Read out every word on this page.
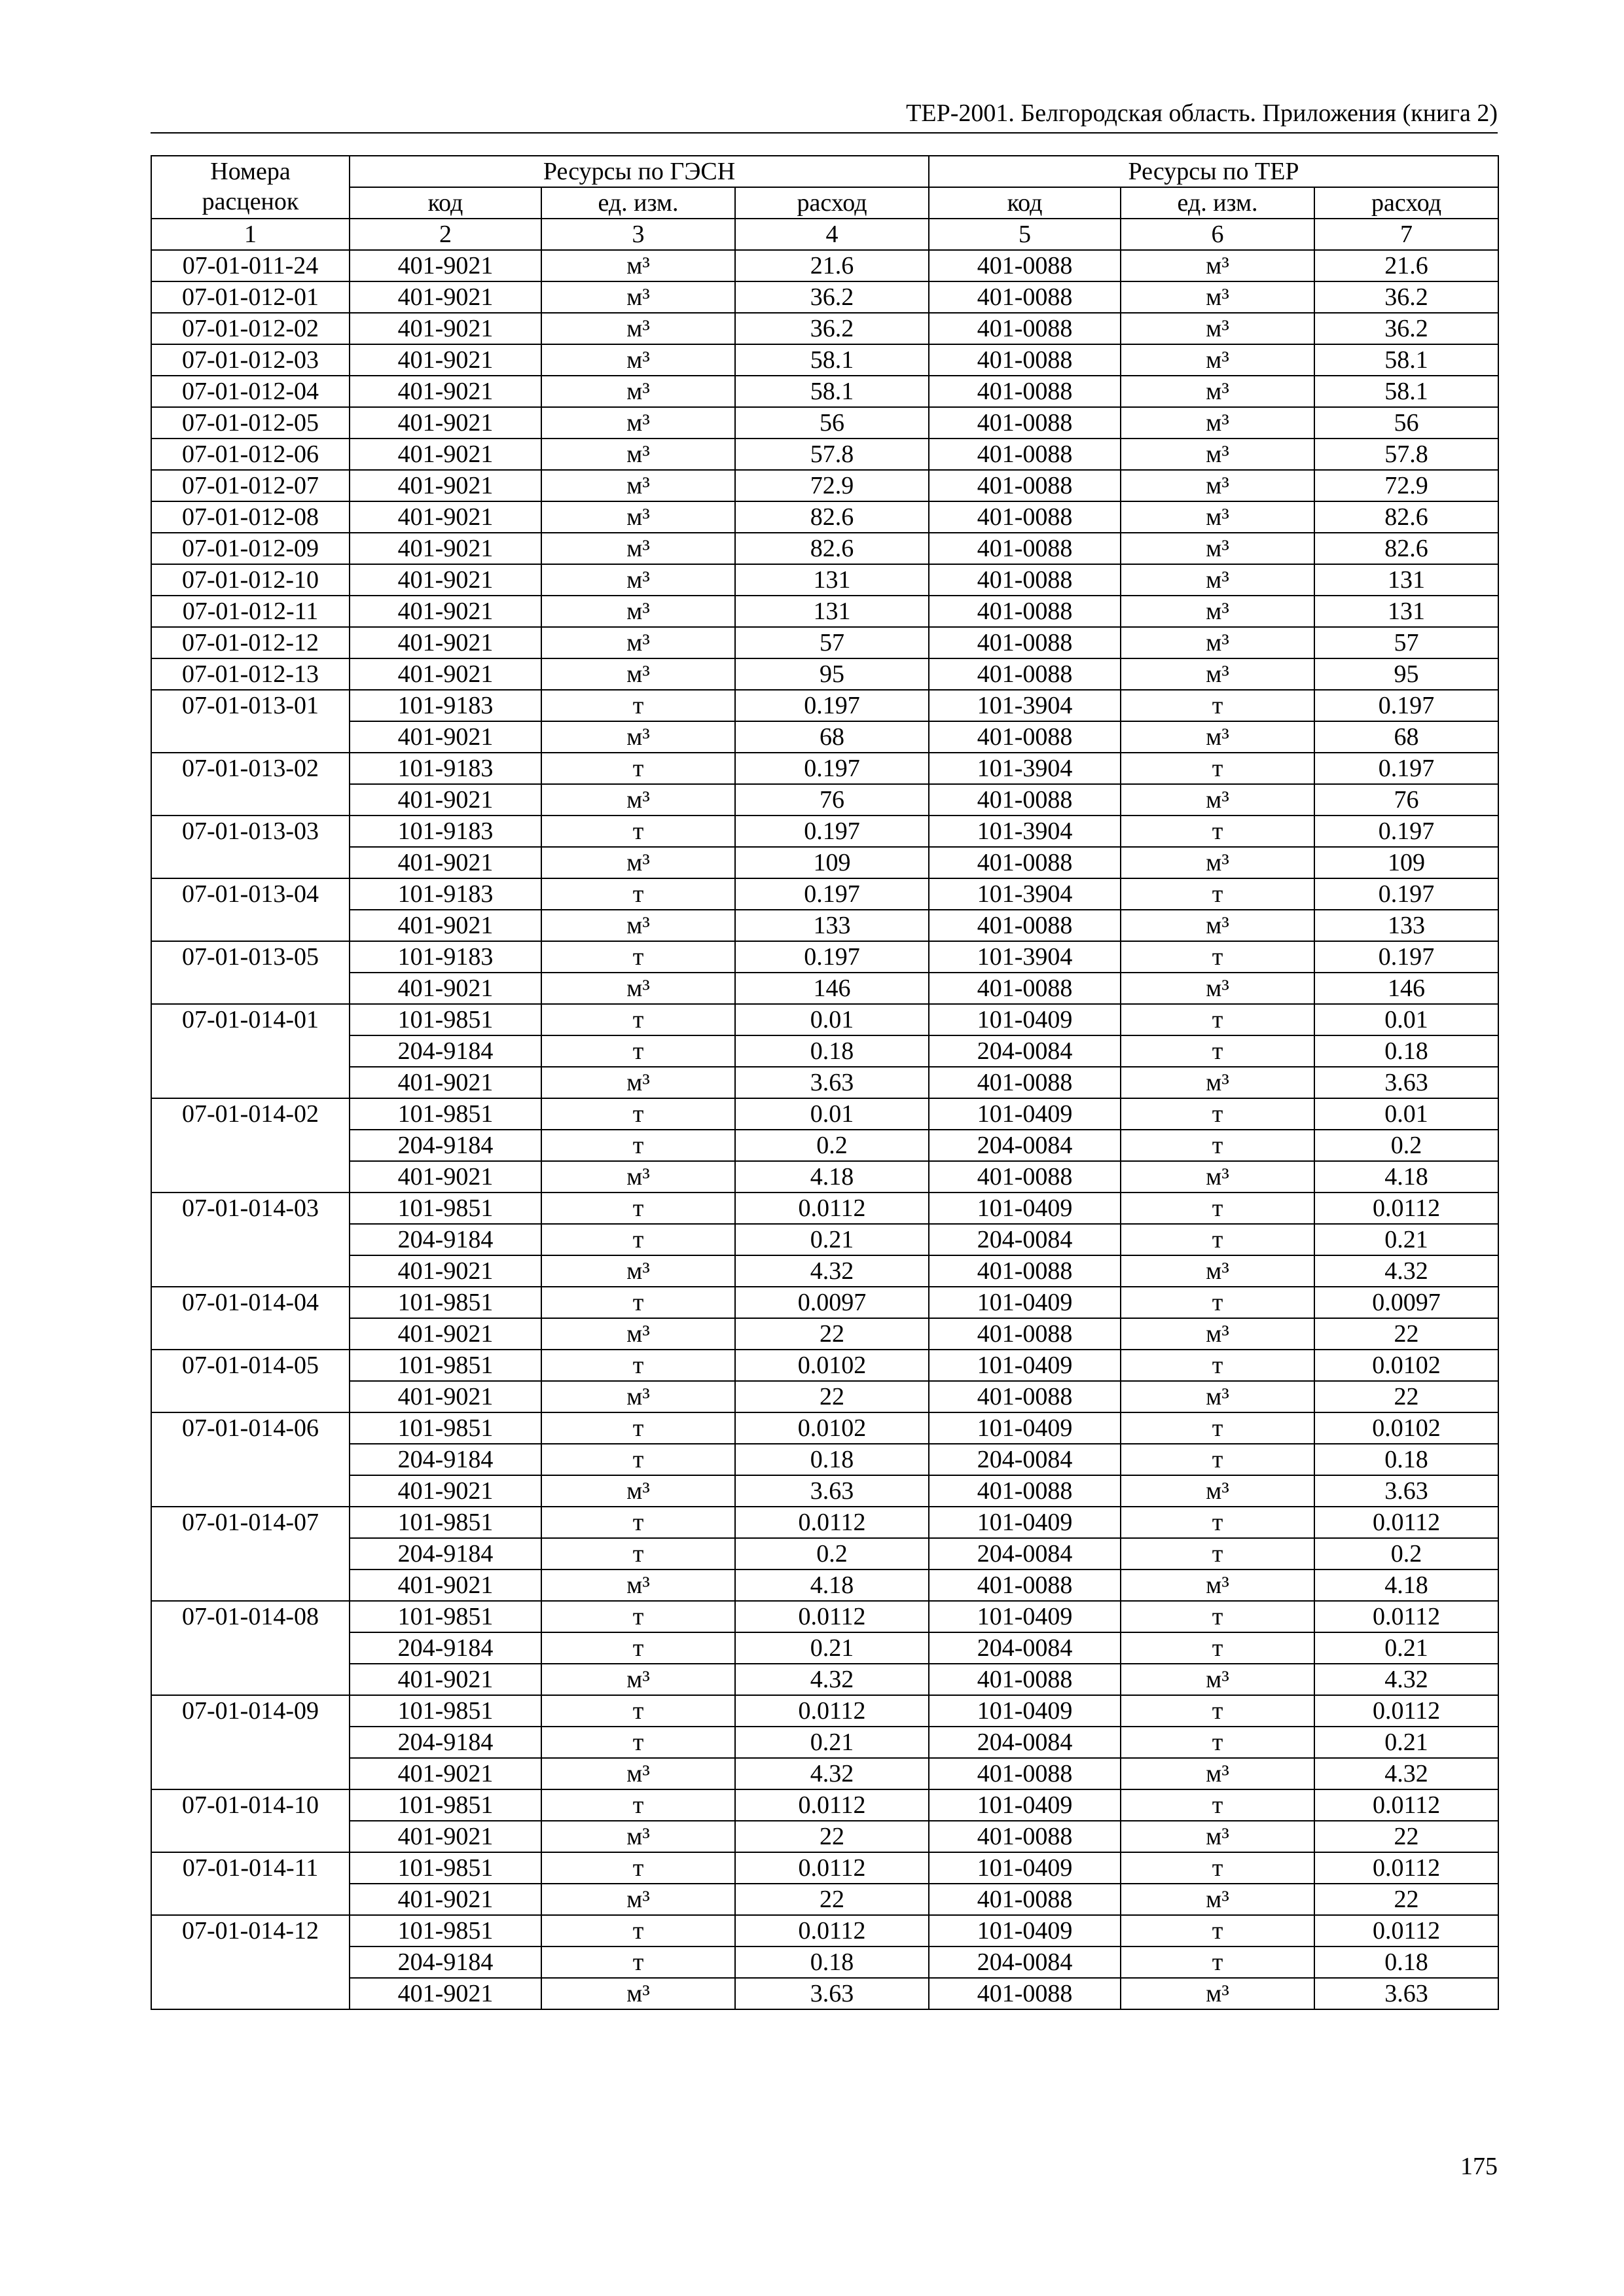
ТЕР-2001. Белгородская область. Приложения (книга 2)
Номера
расценок	Ресурсы по ГЭСН			Ресурсы по ТЕР		
	код	ед. изм.	расход	код	ед. изм.	расход
1	2	3	4	5	6	7
07-01-011-24	401-9021	м³	21.6	401-0088	м³	21.6
07-01-012-01	401-9021	м³	36.2	401-0088	м³	36.2
07-01-012-02	401-9021	м³	36.2	401-0088	м³	36.2
07-01-012-03	401-9021	м³	58.1	401-0088	м³	58.1
07-01-012-04	401-9021	м³	58.1	401-0088	м³	58.1
07-01-012-05	401-9021	м³	56	401-0088	м³	56
07-01-012-06	401-9021	м³	57.8	401-0088	м³	57.8
07-01-012-07	401-9021	м³	72.9	401-0088	м³	72.9
07-01-012-08	401-9021	м³	82.6	401-0088	м³	82.6
07-01-012-09	401-9021	м³	82.6	401-0088	м³	82.6
07-01-012-10	401-9021	м³	131	401-0088	м³	131
07-01-012-11	401-9021	м³	131	401-0088	м³	131
07-01-012-12	401-9021	м³	57	401-0088	м³	57
07-01-012-13	401-9021	м³	95	401-0088	м³	95
07-01-013-01	101-9183	т	0.197	101-3904	т	0.197
	401-9021	м³	68	401-0088	м³	68
07-01-013-02	101-9183	т	0.197	101-3904	т	0.197
	401-9021	м³	76	401-0088	м³	76
07-01-013-03	101-9183	т	0.197	101-3904	т	0.197
	401-9021	м³	109	401-0088	м³	109
07-01-013-04	101-9183	т	0.197	101-3904	т	0.197
	401-9021	м³	133	401-0088	м³	133
07-01-013-05	101-9183	т	0.197	101-3904	т	0.197
	401-9021	м³	146	401-0088	м³	146
07-01-014-01	101-9851	т	0.01	101-0409	т	0.01
	204-9184	т	0.18	204-0084	т	0.18
	401-9021	м³	3.63	401-0088	м³	3.63
07-01-014-02	101-9851	т	0.01	101-0409	т	0.01
	204-9184	т	0.2	204-0084	т	0.2
	401-9021	м³	4.18	401-0088	м³	4.18
07-01-014-03	101-9851	т	0.0112	101-0409	т	0.0112
	204-9184	т	0.21	204-0084	т	0.21
	401-9021	м³	4.32	401-0088	м³	4.32
07-01-014-04	101-9851	т	0.0097	101-0409	т	0.0097
	401-9021	м³	22	401-0088	м³	22
07-01-014-05	101-9851	т	0.0102	101-0409	т	0.0102
	401-9021	м³	22	401-0088	м³	22
07-01-014-06	101-9851	т	0.0102	101-0409	т	0.0102
	204-9184	т	0.18	204-0084	т	0.18
	401-9021	м³	3.63	401-0088	м³	3.63
07-01-014-07	101-9851	т	0.0112	101-0409	т	0.0112
	204-9184	т	0.2	204-0084	т	0.2
	401-9021	м³	4.18	401-0088	м³	4.18
07-01-014-08	101-9851	т	0.0112	101-0409	т	0.0112
	204-9184	т	0.21	204-0084	т	0.21
	401-9021	м³	4.32	401-0088	м³	4.32
07-01-014-09	101-9851	т	0.0112	101-0409	т	0.0112
	204-9184	т	0.21	204-0084	т	0.21
	401-9021	м³	4.32	401-0088	м³	4.32
07-01-014-10	101-9851	т	0.0112	101-0409	т	0.0112
	401-9021	м³	22	401-0088	м³	22
07-01-014-11	101-9851	т	0.0112	101-0409	т	0.0112
	401-9021	м³	22	401-0088	м³	22
07-01-014-12	101-9851	т	0.0112	101-0409	т	0.0112
	204-9184	т	0.18	204-0084	т	0.18
	401-9021	м³	3.63	401-0088	м³	3.63
175
